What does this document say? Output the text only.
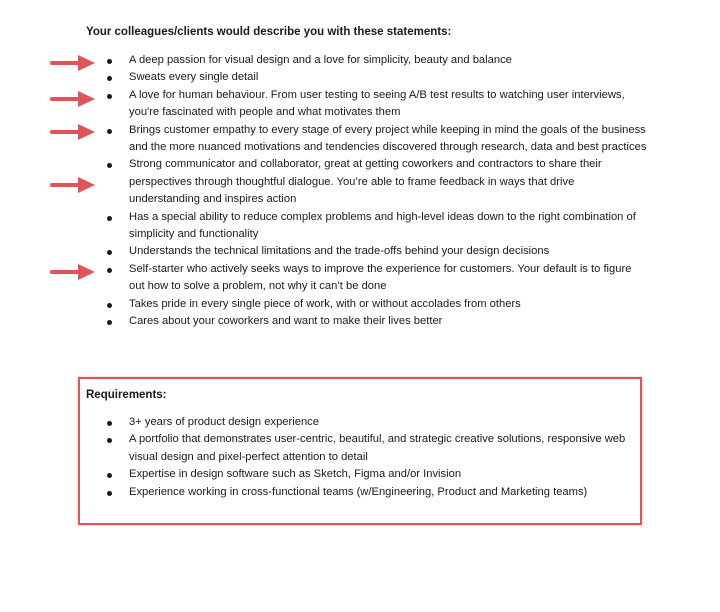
Your colleagues/clients would describe you with these statements:
A deep passion for visual design and a love for simplicity, beauty and balance
Sweats every single detail
A love for human behaviour. From user testing to seeing A/B test results to watching user interviews, you're fascinated with people and what motivates them
Brings customer empathy to every stage of every project while keeping in mind the goals of the business and the more nuanced motivations and tendencies discovered through research, data and best practices
Strong communicator and collaborator, great at getting coworkers and contractors to share their perspectives through thoughtful dialogue. You’re able to frame feedback in ways that drive understanding and inspires action
Has a special ability to reduce complex problems and high-level ideas down to the right combination of simplicity and functionality
Understands the technical limitations and the trade-offs behind your design decisions
Self-starter who actively seeks ways to improve the experience for customers. Your default is to figure out how to solve a problem, not why it can’t be done
Takes pride in every single piece of work, with or without accolades from others
Cares about your coworkers and want to make their lives better
Requirements:
3+ years of product design experience
A portfolio that demonstrates user-centric, beautiful, and strategic creative solutions, responsive web visual design and pixel-perfect attention to detail
Expertise in design software such as Sketch, Figma and/or Invision
Experience working in cross-functional teams (w/Engineering, Product and Marketing teams)
